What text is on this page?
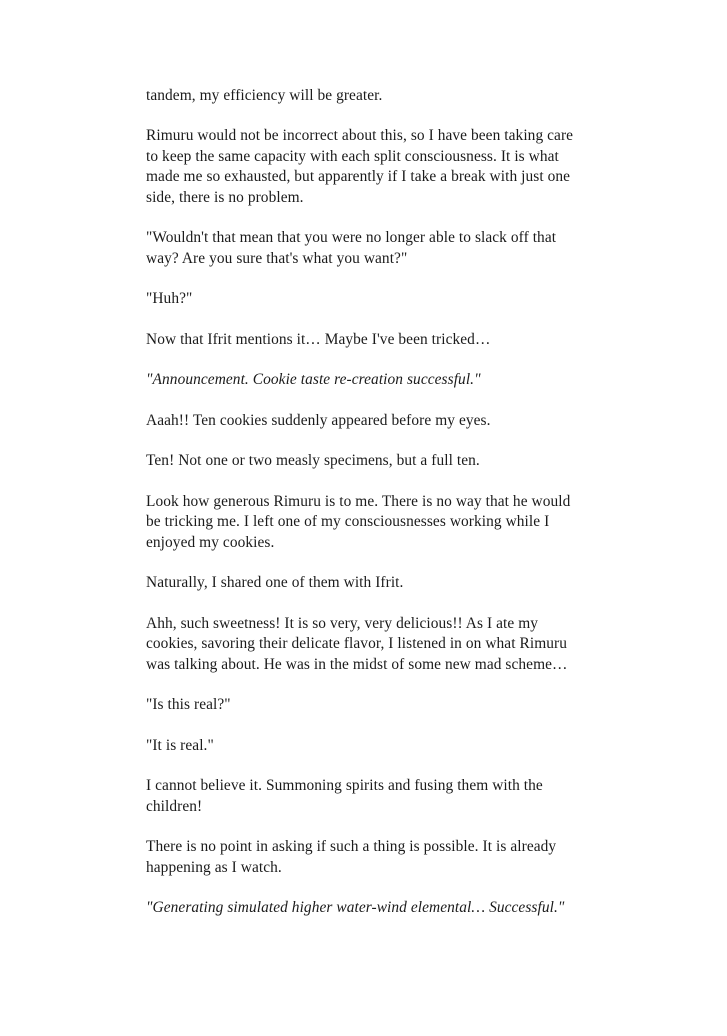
tandem, my efficiency will be greater.

Rimuru would not be incorrect about this, so I have been taking care to keep the same capacity with each split consciousness. It is what made me so exhausted, but apparently if I take a break with just one side, there is no problem.

"Wouldn't that mean that you were no longer able to slack off that way? Are you sure that's what you want?"

"Huh?"

Now that Ifrit mentions it… Maybe I've been tricked…

"Announcement. Cookie taste re-creation successful."

Aaah!! Ten cookies suddenly appeared before my eyes.

Ten! Not one or two measly specimens, but a full ten.

Look how generous Rimuru is to me. There is no way that he would be tricking me. I left one of my consciousnesses working while I enjoyed my cookies.

Naturally, I shared one of them with Ifrit.

Ahh, such sweetness! It is so very, very delicious!! As I ate my cookies, savoring their delicate flavor, I listened in on what Rimuru was talking about. He was in the midst of some new mad scheme…

"Is this real?"

"It is real."

I cannot believe it. Summoning spirits and fusing them with the children!

There is no point in asking if such a thing is possible. It is already happening as I watch.

"Generating simulated higher water-wind elemental… Successful."
